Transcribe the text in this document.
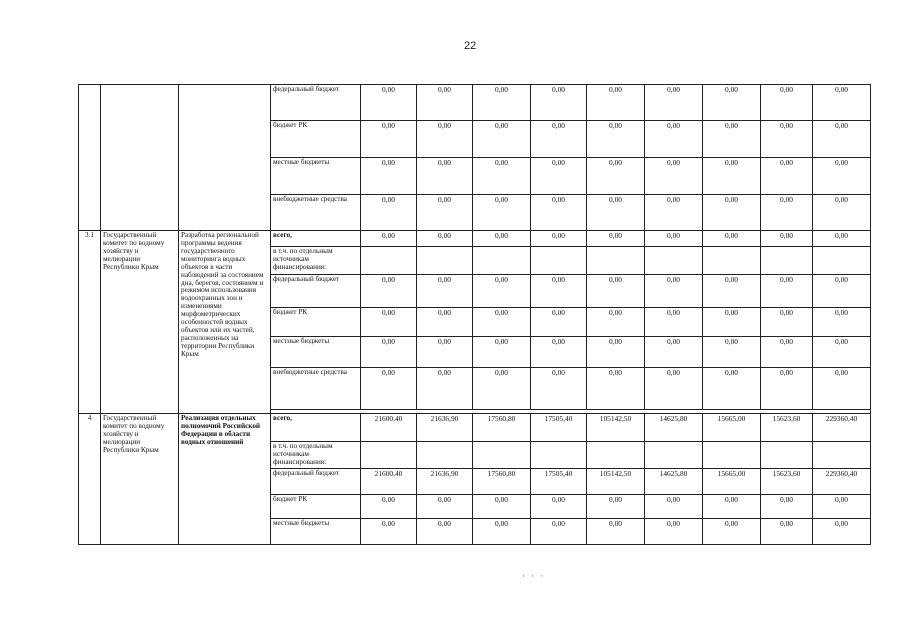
22
			федеральный бюджет	0,00	0,00	0,00	0,00	0,00	0,00	0,00	0,00	0,00
			бюджет РК	0,00	0,00	0,00	0,00	0,00	0,00	0,00	0,00	0,00
			местные бюджеты	0,00	0,00	0,00	0,00	0,00	0,00	0,00	0,00	0,00
			внебюджетные средства	0,00	0,00	0,00	0,00	0,00	0,00	0,00	0,00	0,00
3.1	Государственный комитет по водному хозяйству и мелиорации Республики Крым	Разработка региональной программы ведения государственного мониторинга водных объектов в части наблюдений за состоянием дна, берегов, состоянием и режимом использования водоохранных зон и изменениями морфометрических особенностей водных объектов или их частей, расположенных на территории Республики Крым	всего,	0,00	0,00	0,00	0,00	0,00	0,00	0,00	0,00	0,00
			в т.ч. по отдельным источникам финансирования:									
			федеральный бюджет	0,00	0,00	0,00	0,00	0,00	0,00	0,00	0,00	0,00
			бюджет РК	0,00	0,00	0,00	0,00	0,00	0,00	0,00	0,00	0,00
			местные бюджеты	0,00	0,00	0,00	0,00	0,00	0,00	0,00	0,00	0,00
			внебюджетные средства	0,00	0,00	0,00	0,00	0,00	0,00	0,00	0,00	0,00

4	Государственный комитет по водному хозяйству и мелиорации Республики Крым	Реализация отдельных полномочий Российской Федерации в области водных отношений	всего,	21600,40	21636,90	17560,80	17505,40	105142,50	14625,80	15665,00	15623,60	229360,40
			в т.ч. по отдельным источникам финансирования:									
			федеральный бюджет	21600,40	21636,90	17560,80	17505,40	105142,50	14625,80	15665,00	15623,60	229360,40
			бюджет РК	0,00	0,00	0,00	0,00	0,00	0,00	0,00	0,00	0,00
			местные бюджеты	0,00	0,00	0,00	0,00	0,00	0,00	0,00	0,00	0,00
· · ·
